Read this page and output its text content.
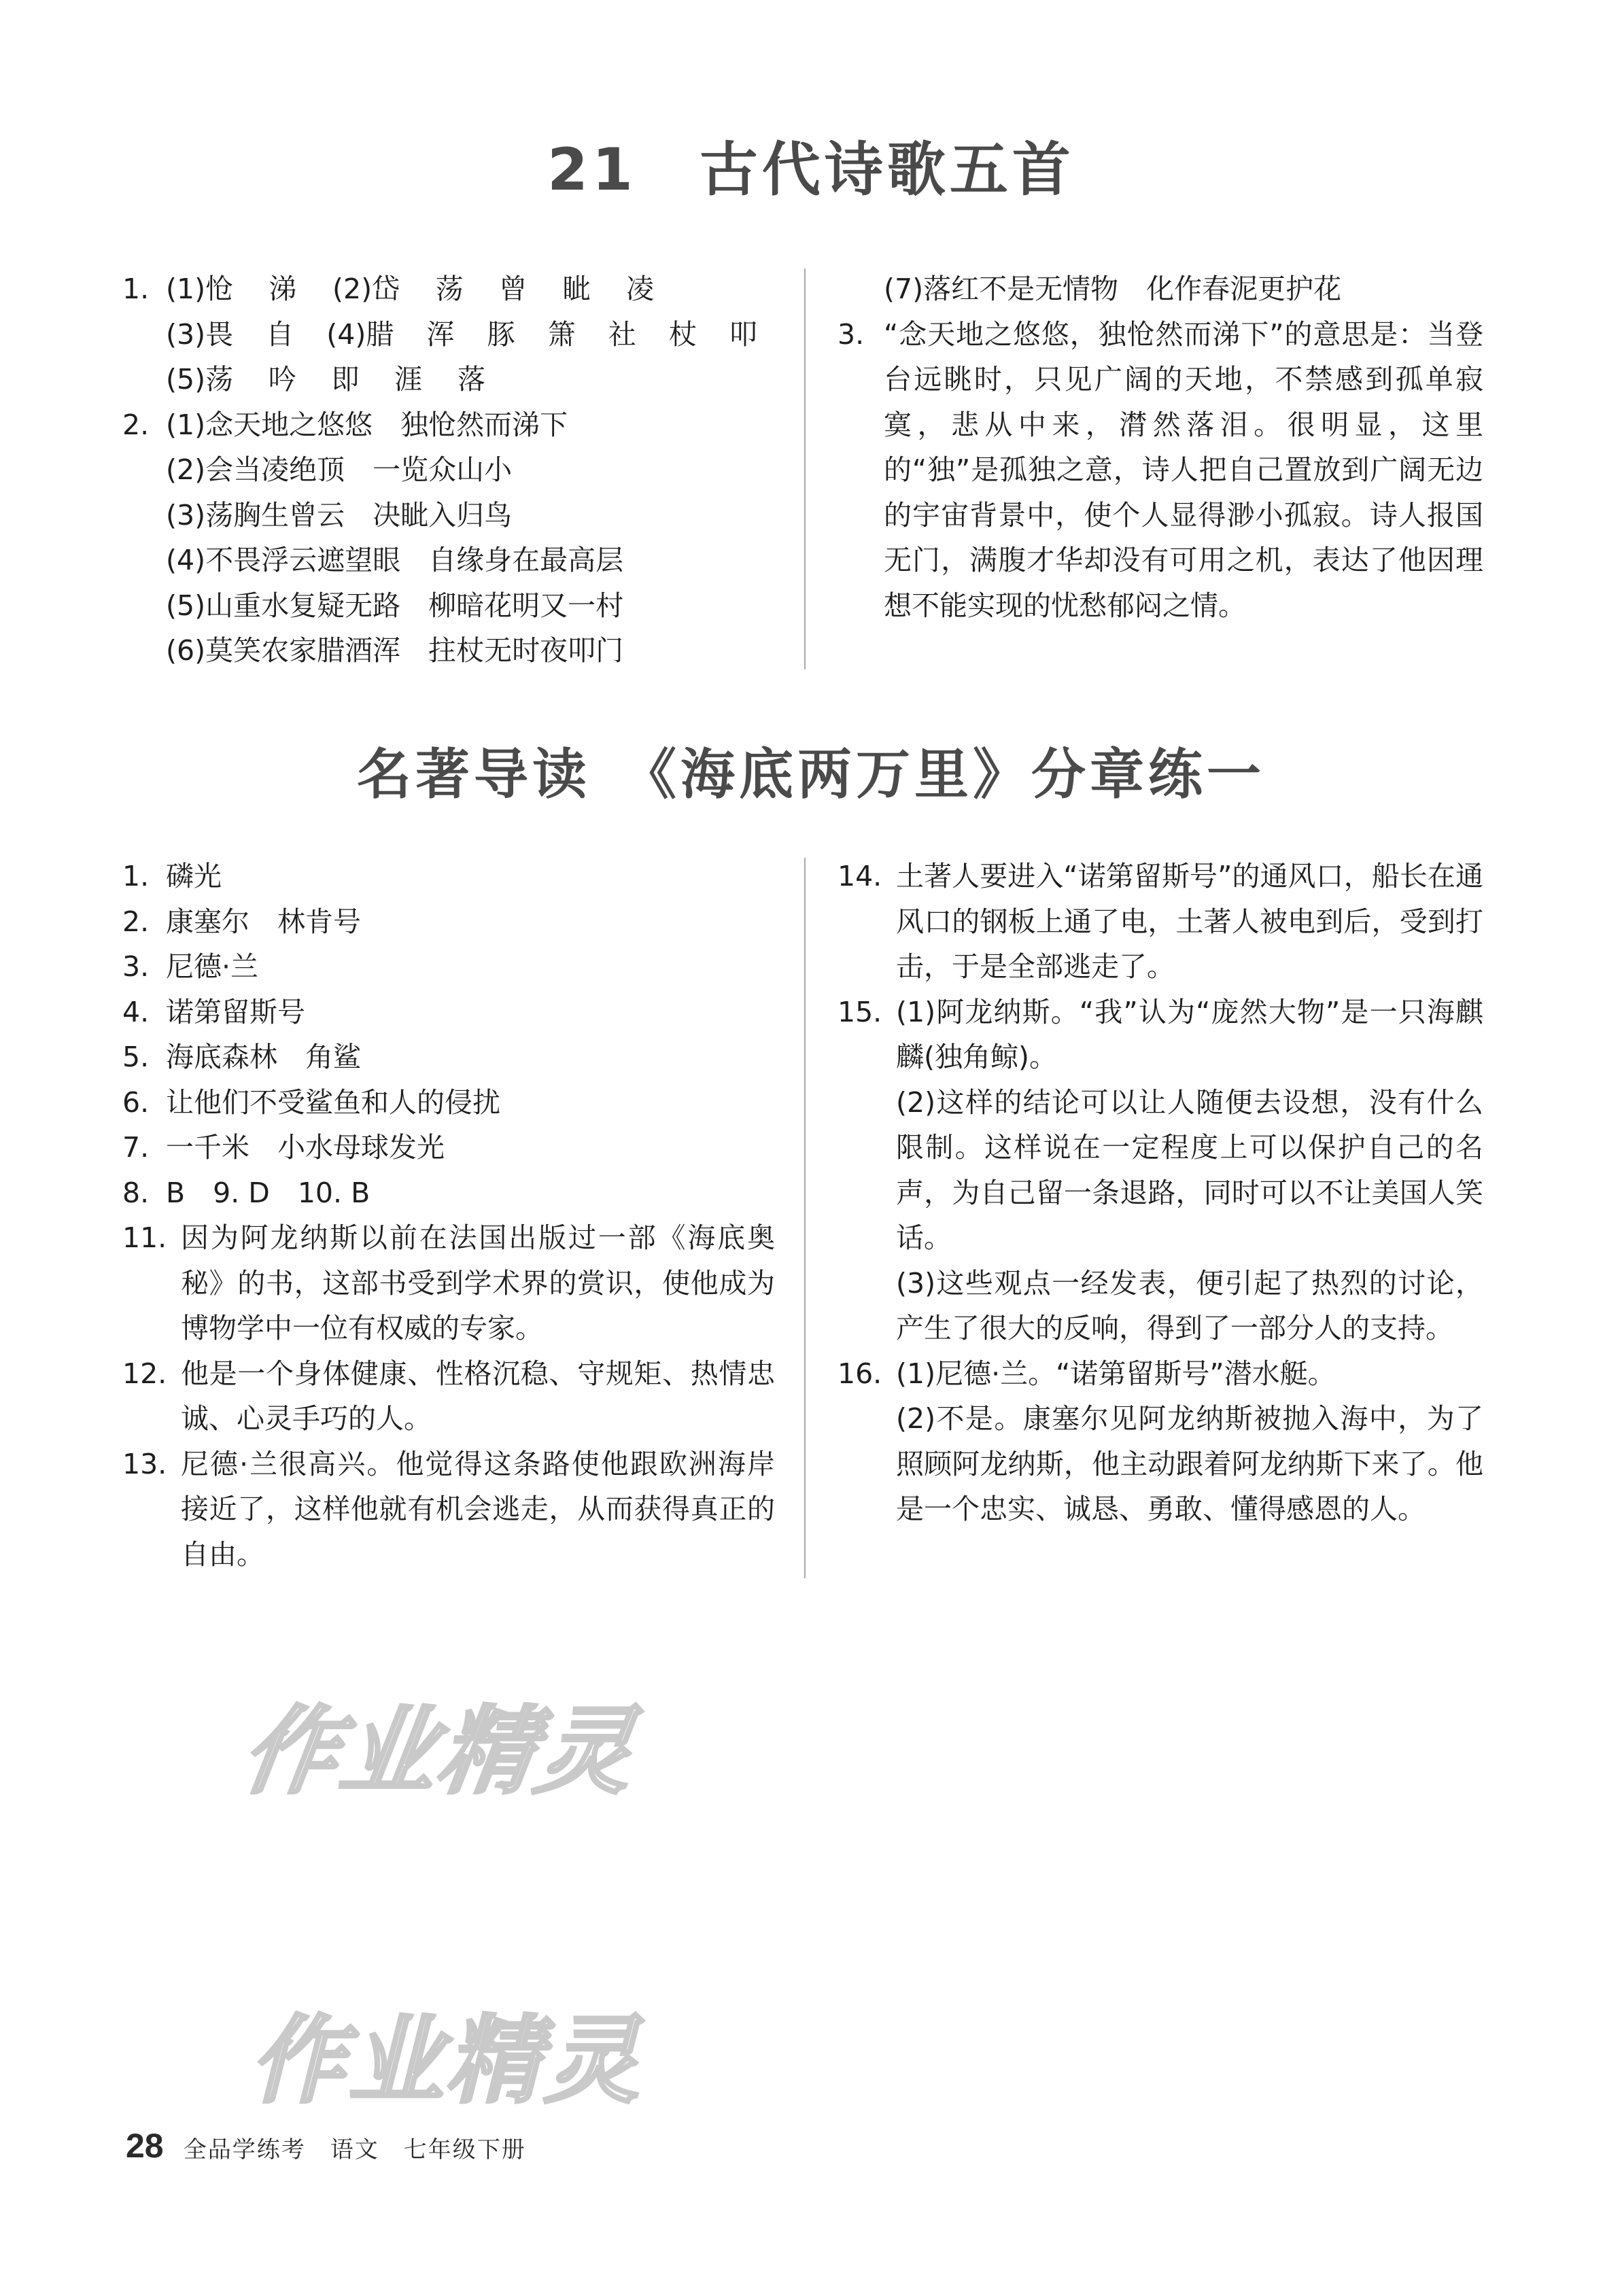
21　古代诗歌五首
1. (1)怆 涕 (2)岱 荡 曾 眦 凌
(3)畏 自 (4)腊 浑 豚 箫 社 杖 叩
(5)荡 吟 即 涯 落
2. (1)念天地之悠悠　独怆然而涕下
(2)会当凌绝顶　一览众山小
(3)荡胸生曾云　决眦入归鸟
(4)不畏浮云遮望眼　自缘身在最高层
(5)山重水复疑无路　柳暗花明又一村
(6)莫笑农家腊酒浑　拄杖无时夜叩门
(7)落红不是无情物　化作春泥更护花
3. “念天地之悠悠，独怆然而涕下”的意思是：当登台远眺时，只见广阔的天地，不禁感到孤单寂寞，悲从中来，潸然落泪。很明显，这里的“独”是孤独之意，诗人把自己置放到广阔无边的宇宙背景中，使个人显得渺小孤寂。诗人报国无门，满腹才华却没有可用之机，表达了他因理想不能实现的忧愁郁闷之情。
名著导读　《海底两万里》分章练一
1. 磷光
2. 康塞尔　林肯号
3. 尼德·兰
4. 诺第留斯号
5. 海底森林　角鲨
6. 让他们不受鲨鱼和人的侵扰
7. 一千米　小水母球发光
8. B　9. D　10. B
11. 因为阿龙纳斯以前在法国出版过一部《海底奥秘》的书，这部书受到学术界的赏识，使他成为博物学中一位有权威的专家。
12. 他是一个身体健康、性格沉稳、守规矩、热情忠诚、心灵手巧的人。
13. 尼德·兰很高兴。他觉得这条路使他跟欧洲海岸接近了，这样他就有机会逃走，从而获得真正的自由。
14. 土著人要进入“诺第留斯号”的通风口，船长在通风口的钢板上通了电，土著人被电到后，受到打击，于是全部逃走了。
15. (1)阿龙纳斯。“我”认为“庞然大物”是一只海麒麟(独角鲸)。
(2)这样的结论可以让人随便去设想，没有什么限制。这样说在一定程度上可以保护自己的名声，为自己留一条退路，同时可以不让美国人笑话。
(3)这些观点一经发表，便引起了热烈的讨论，产生了很大的反响，得到了一部分人的支持。
16. (1)尼德·兰。“诺第留斯号”潜水艇。
(2)不是。康塞尔见阿龙纳斯被抛入海中，为了照顾阿龙纳斯，他主动跟着阿龙纳斯下来了。他是一个忠实、诚恳、勇敢、懂得感恩的人。
作业精灵
作业精灵
28 全品学练考　语文　七年级下册
